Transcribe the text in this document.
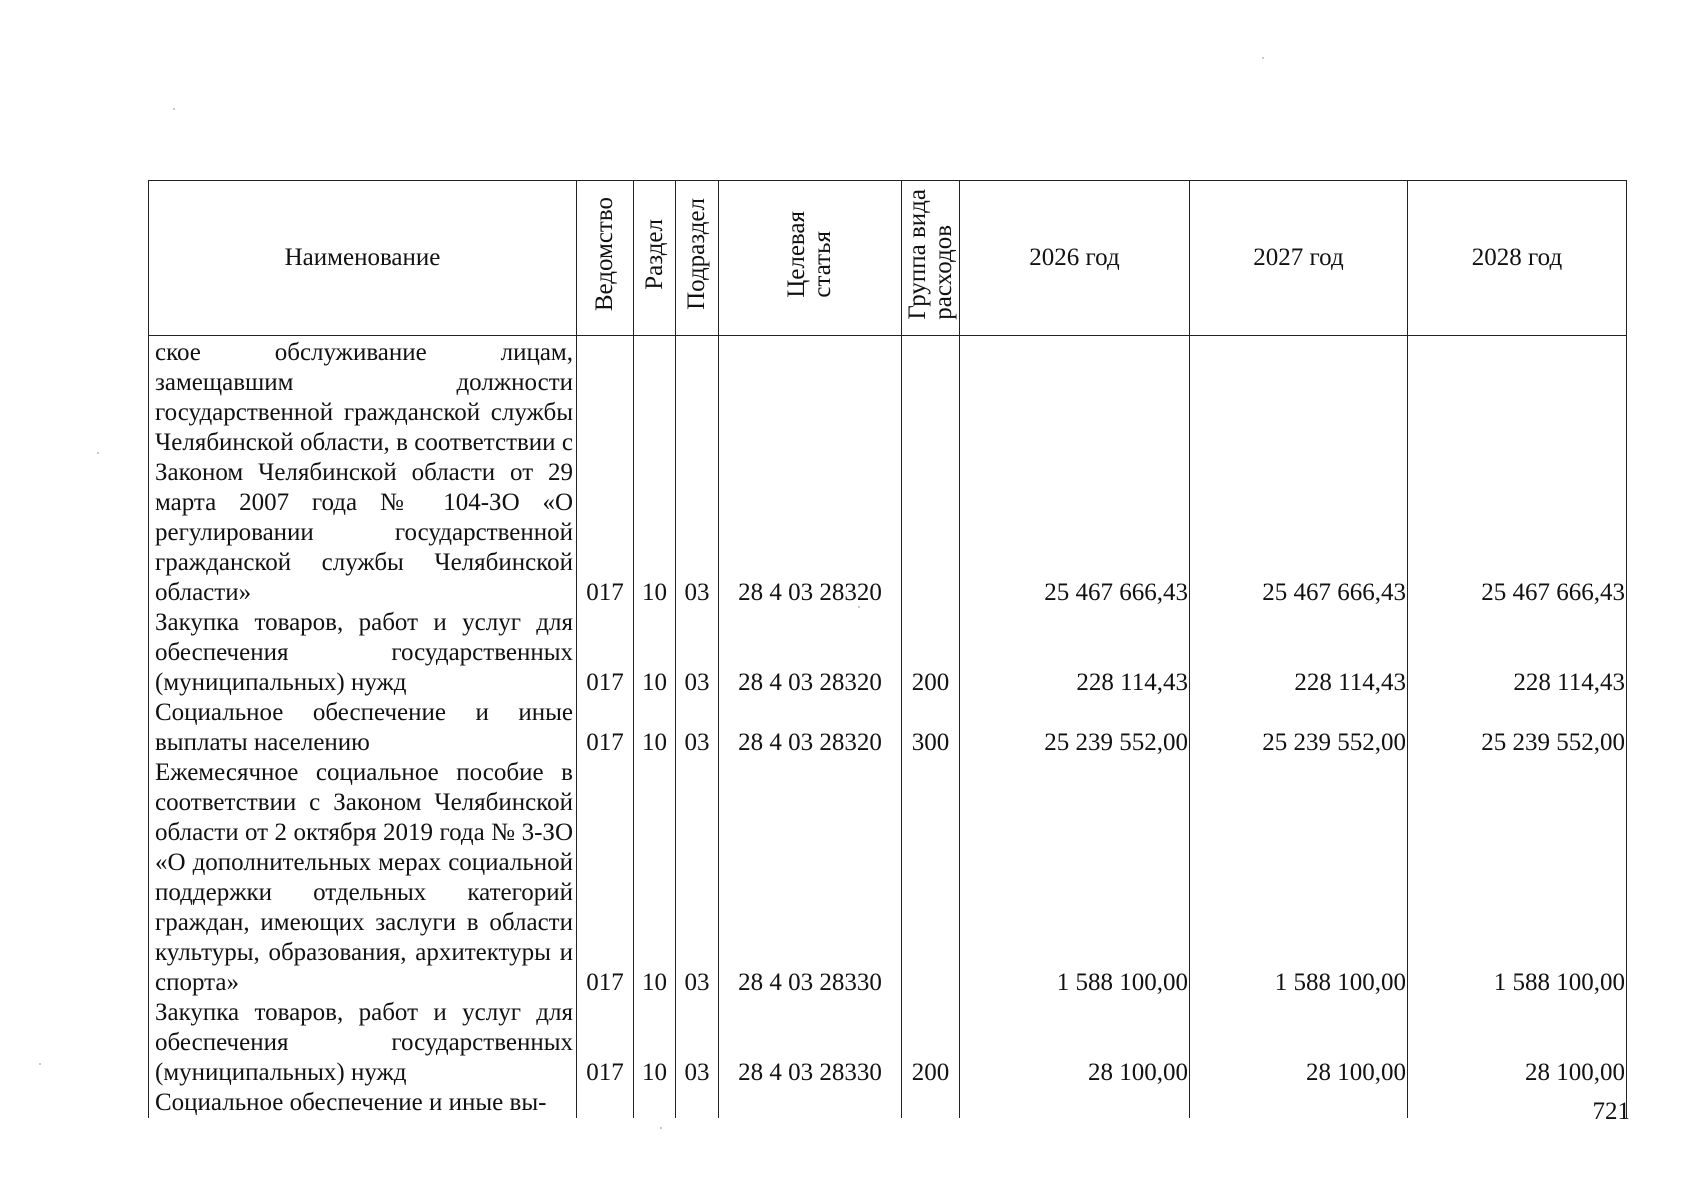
Наименование	Ведомство	Раздел	Подраздел	Целеваястатья	Группа видарасходов	2026 год	2027 год	2028 год
ское обслуживание лицам, замещавшим должности государственной гражданской службы Челябинской области, в соответствии с Законом Челябинской области от 29 марта 2007 года № 104-ЗО «О регулировании государственной гражданской службы Челябинской области»	017	10	03	28 4 03 28320		25 467 666,43	25 467 666,43	25 467 666,43
Закупка товаров, работ и услуг для обеспечения государственных (муниципальных) нужд	017	10	03	28 4 03 28320	200	228 114,43	228 114,43	228 114,43
Социальное обеспечение и иные выплаты населению	017	10	03	28 4 03 28320	300	25 239 552,00	25 239 552,00	25 239 552,00
Ежемесячное социальное пособие в соответствии с Законом Челябинской области от 2 октября 2019 года № 3-ЗО «О дополнительных мерах социальной поддержки отдельных категорий граждан, имеющих заслуги в области культуры, образования, архитектуры и спорта»	017	10	03	28 4 03 28330		1 588 100,00	1 588 100,00	1 588 100,00
Закупка товаров, работ и услуг для обеспечения государственных (муниципальных) нужд	017	10	03	28 4 03 28330	200	28 100,00	28 100,00	28 100,00
Социальное обеспечение и иные вы-									721
